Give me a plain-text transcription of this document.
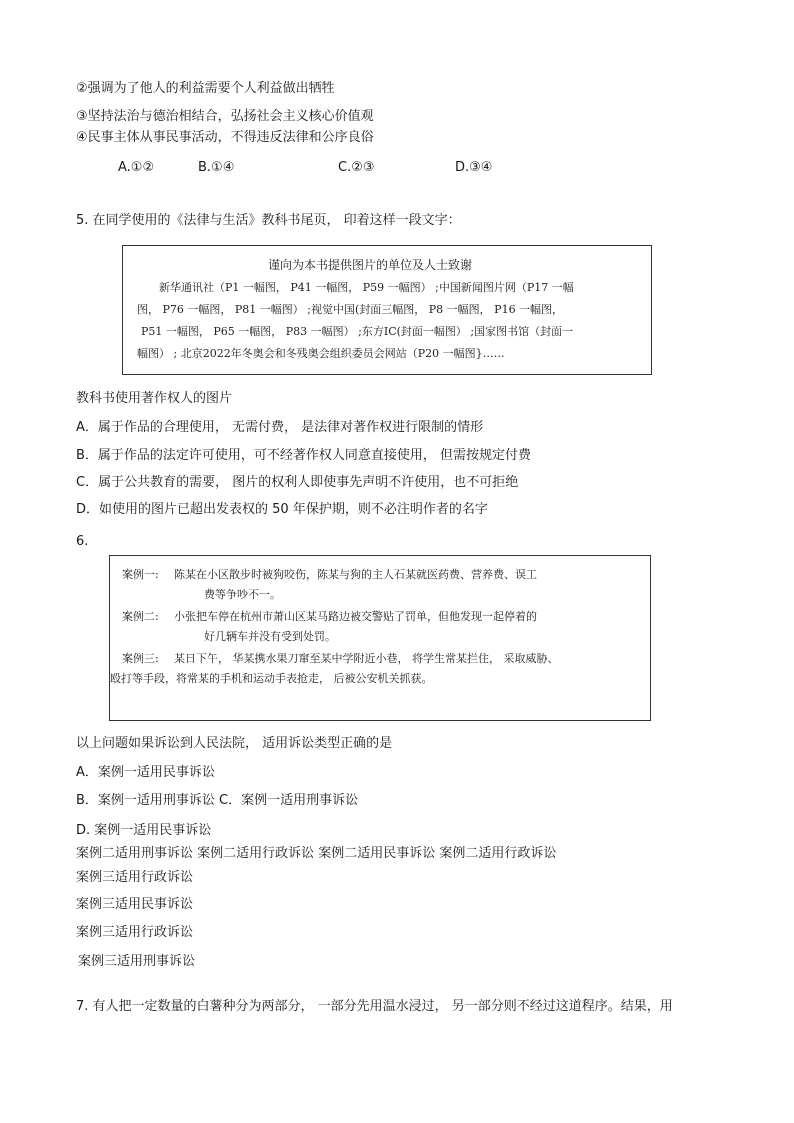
②强调为了他人的利益需要个人利益做出牺牲
③坚持法治与德治相结合，弘扬社会主义核心价值观
④民事主体从事民事活动，不得违反法律和公序良俗
A.①②	B.①④	C.②③	D.③④
5. 在同学使用的《法律与生活》教科书尾页， 印着这样一段文字：
谨向为本书提供图片的单位及人士致谢
新华通讯社（P1 一幅图， P41 一幅图， P59 一幅图） ;中国新闻图片网（P17 一幅
图， P76 一幅图， P81 一幅图） ;视觉中国(封面三幅图， P8 一幅图， P16 一幅图，
P51 一幅图， P65 一幅图， P83 一幅图） ;东方IC(封面一幅图） ;国家图书馆（封面一
幅图） ; 北京2022年冬奥会和冬残奥会组织委员会网站（P20 一幅图}……
教科书使用著作权人的图片
A．属于作品的合理使用， 无需付费， 是法律对著作权进行限制的情形
B．属于作品的法定许可使用，可不经著作权人同意直接使用， 但需按规定付费
C．属于公共教育的需要， 图片的权利人即使事先声明不许使用，也不可拒绝
D．如使用的图片已超出发表权的 50 年保护期，则不必注明作者的名字
6.
案例一: 陈某在小区散步时被狗咬伤，陈某与狗的主人石某就医药费、营养费、误工
费等争吵不一。
案例二: 小张把车停在杭州市萧山区某马路边被交警贴了罚单，但他发现一起停着的
好几辆车并没有受到处罚。
案例三: 某日下午， 华某携水果刀窜至某中学附近小巷， 将学生常某拦住， 采取威胁、
殴打等手段，将常某的手机和运动手表抢走， 后被公安机关抓获。
以上问题如果诉讼到人民法院， 适用诉讼类型正确的是
A．案例一适用民事诉讼
B．案例一适用刑事诉讼 C．案例一适用刑事诉讼
D. 案例一适用民事诉讼
案例二适用刑事诉讼 案例二适用行政诉讼 案例二适用民事诉讼 案例二适用行政诉讼
案例三适用行政诉讼
案例三适用民事诉讼
案例三适用行政诉讼
案例三适用刑事诉讼
7. 有人把一定数量的白薯种分为两部分， 一部分先用温水浸过， 另一部分则不经过这道程序。结果，用
